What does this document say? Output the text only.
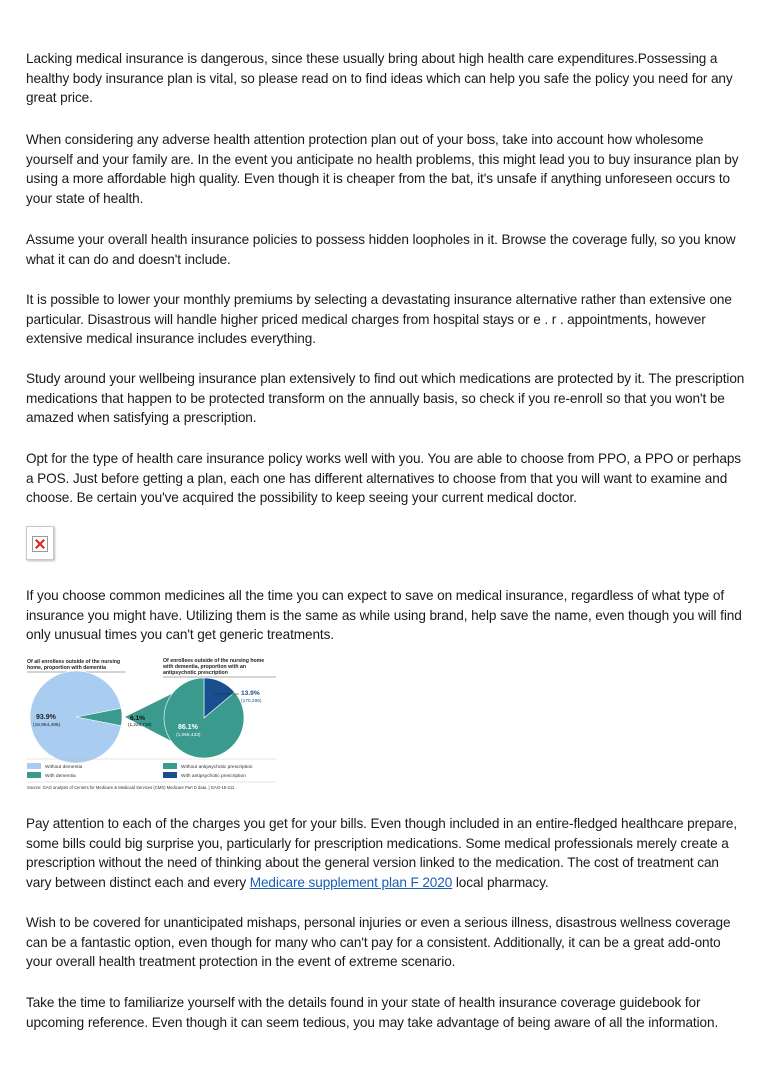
Lacking medical insurance is dangerous, since these usually bring about high health care expenditures.Possessing a healthy body insurance plan is vital, so please read on to find ideas which can help you safe the policy you need for any great price.

When considering any adverse health attention protection plan out of your boss, take into account how wholesome yourself and your family are. In the event you anticipate no health problems, this might lead you to buy insurance plan by using a more affordable high quality. Even though it is cheaper from the bat, it's unsafe if anything unforeseen occurs to your state of health.

Assume your overall health insurance policies to possess hidden loopholes in it. Browse the coverage fully, so you know what it can do and doesn't include.

It is possible to lower your monthly premiums by selecting a devastating insurance alternative rather than extensive one particular. Disastrous will handle higher priced medical charges from hospital stays or e . r . appointments, however extensive medical insurance includes everything.

Study around your wellbeing insurance plan extensively to find out which medications are protected by it. The prescription medications that happen to be protected transform on the annually basis, so check if you re-enroll so that you won't be amazed when satisfying a prescription.

Opt for the type of health care insurance policy works well with you. You are able to choose from PPO, a PPO or perhaps a POS. Just before getting a plan, each one has different alternatives to choose from that you will want to examine and choose. Be certain you've acquired the possibility to keep seeing your current medical doctor.

If you choose common medicines all the time you can expect to save on medical insurance, regardless of what type of insurance you might have. Utilizing them is the same as while using brand, help save the name, even though you will find only unusual times you can't get generic treatments.

Of all enrollees outside of the nursing
home, proportion with dementia
Of enrollees outside of the nursing home
with dementia, proportion with an
antipsychotic prescription
93.9%
(18,954,495)
6.1%
(1,226,719)	86.1%
(1,056,433)
13.9%
(170,286)
Without dementia
With dementia
Without antipsychotic prescription
With antipsychotic prescription
Source: GAO analysis of Centers for Medicare & Medicaid Services (CMS) Medicare Part D data. | GAO-15-211

Pay attention to each of the charges you get for your bills. Even though included in an entire-fledged healthcare prepare, some bills could big surprise you, particularly for prescription medications. Some medical professionals merely create a prescription without the need of thinking about the general version linked to the medication. The cost of treatment can vary between distinct each and every Medicare supplement plan F 2020 local pharmacy.

Wish to be covered for unanticipated mishaps, personal injuries or even a serious illness, disastrous wellness coverage can be a fantastic option, even though for many who can't pay for a consistent. Additionally, it can be a great add-onto your overall health treatment protection in the event of extreme scenario.

Take the time to familiarize yourself with the details found in your state of health insurance coverage guidebook for upcoming reference. Even though it can seem tedious, you may take advantage of being aware of all the information.
